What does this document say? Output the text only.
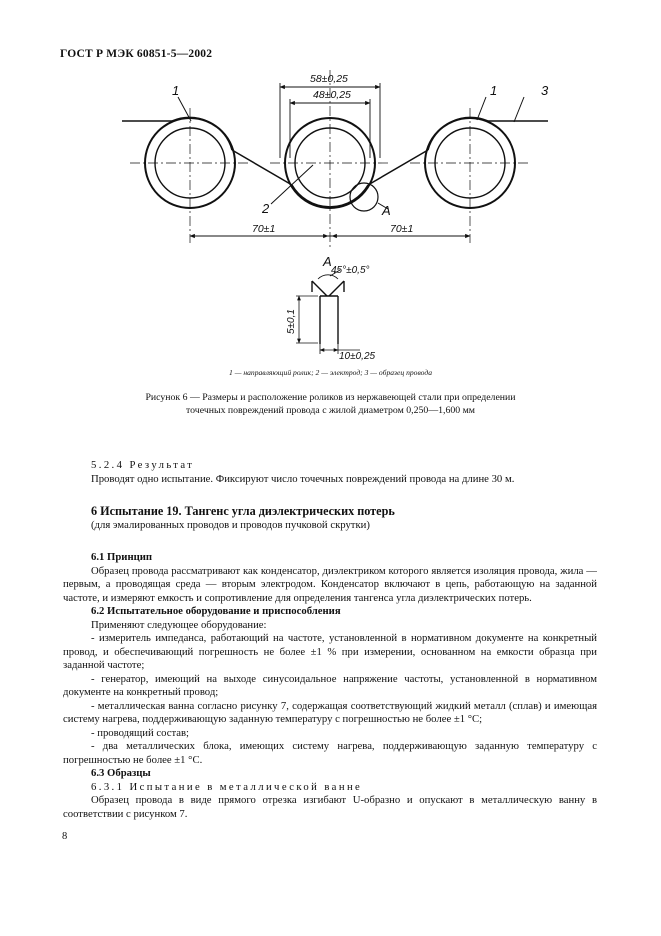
ГОСТ Р МЭК 60851-5—2002
58±0,25
48±0,25
70±1	70±1
1	1
2
3
A
A
45°±0,5°
10±0,25
5±0,1
1 — направляющий ролик; 2 — электрод; 3 — образец провода
Рисунок 6 — Размеры и расположение роликов из нержавеющей стали при определении
точечных повреждений провода с жилой диаметром 0,250—1,600 мм
5.2.4 Результат
Проводят одно испытание. Фиксируют число точечных повреждений провода на длине 30 м.
6 Испытание 19. Тангенс угла диэлектрических потерь
(для эмалированных проводов и проводов пучковой скрутки)
6.1 Принцип

Образец провода рассматривают как конденсатор, диэлектриком которого является изоляция провода, жила — первым, а проводящая среда — вторым электродом. Конденсатор включают в цепь, работающую на заданной частоте, и измеряют емкость и сопротивление для определения тангенса угла диэлектрических потерь.

6.2 Испытательное оборудование и приспособления
Применяют следующее оборудование:

- измеритель импеданса, работающий на частоте, установленной в нормативном документе на конкретный провод, и обеспечивающий погрешность не более ±1 % при измерении, основанном на емкости образца при заданной частоте;

- генератор, имеющий на выходе синусоидальное напряжение частоты, установленной в нормативном документе на конкретный провод;

- металлическая ванна согласно рисунку 7, содержащая соответствующий жидкий металл (сплав) и имеющая систему нагрева, поддерживающую заданную температуру с погрешностью не более ±1 °С;

- проводящий состав;

- два металлических блока, имеющих систему нагрева, поддерживающую заданную температуру с погрешностью не более ±1 °С.

6.3 Образцы
6.3.1 Испытание в металлической ванне

Образец провода в виде прямого отрезка изгибают U-образно и опускают в металлическую ванну в соответствии с рисунком 7.

8
